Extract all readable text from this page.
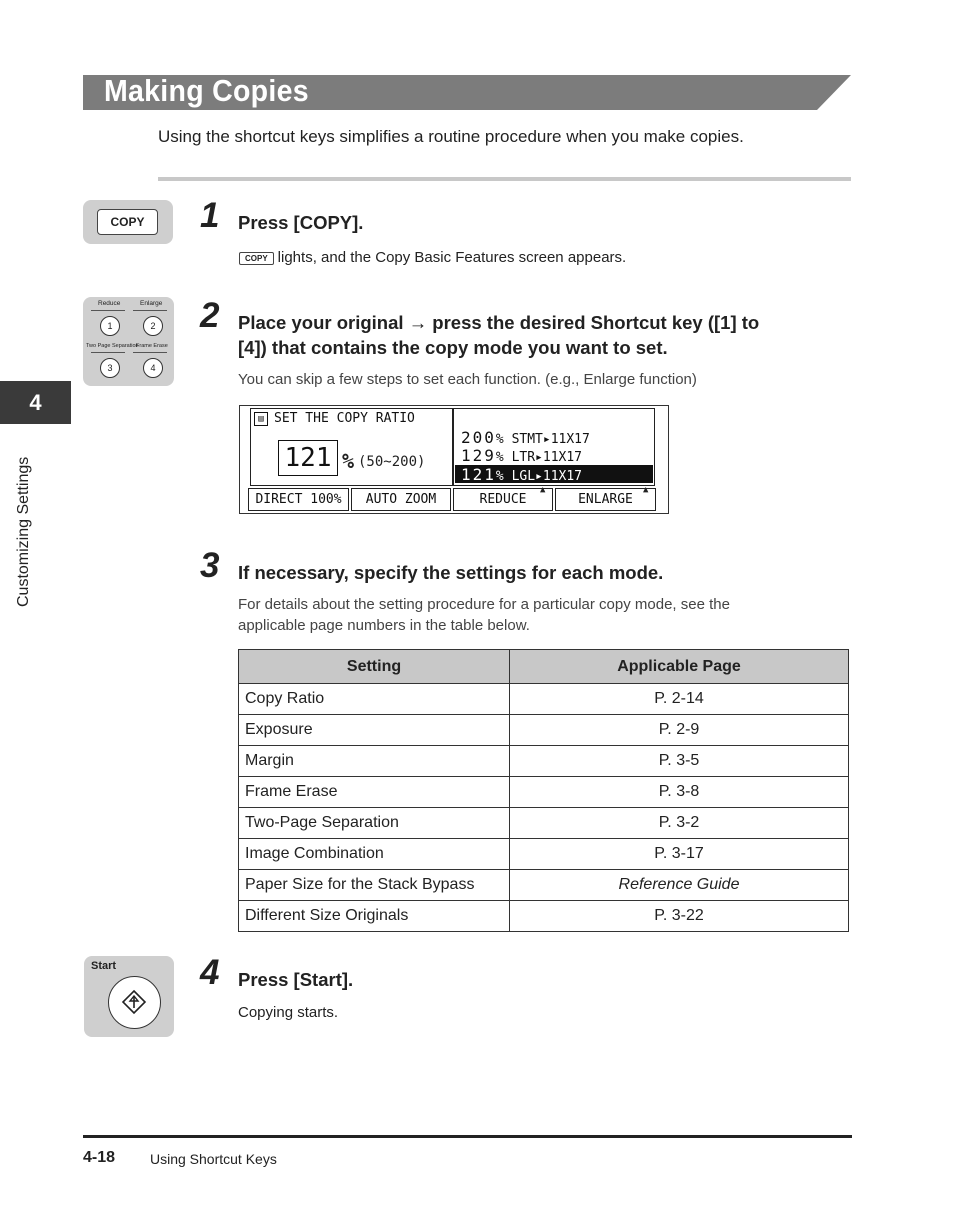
Making Copies
Using the shortcut keys simplifies a routine procedure when you make copies.
4
Customizing Settings
COPY	1 Press [COPY].
COPY lights, and the Copy Basic Features screen appears.
Reduce	Enlarge
1	2
Two Page Separation
Frame Erase
3	4
2 Place your original → press the desired Shortcut key ([1] to
[4]) that contains the copy mode you want to set.
You can skip a few steps to set each function. (e.g., Enlarge function)
▤ SET THE COPY RATIO
121 % (50~200)
200% STMT▸11X17
129% LTR▸11X17
121% LGL▸11X17
DIRECT 100%	AUTO ZOOM	REDUCE	ENLARGE
▲	▲
3 If necessary, specify the settings for each mode.
For details about the setting procedure for a particular copy mode, see the
applicable page numbers in the table below.
Setting	Applicable Page
Copy Ratio	P. 2-14
Exposure	P. 2-9
Margin	P. 3-5
Frame Erase	P. 3-8
Two-Page Separation	P. 3-2
Image Combination	P. 3-17
Paper Size for the Stack Bypass	Reference Guide
Different Size Originals	P. 3-22
Start 4 Press [Start].
Copying starts.
4-18 Using Shortcut Keys
